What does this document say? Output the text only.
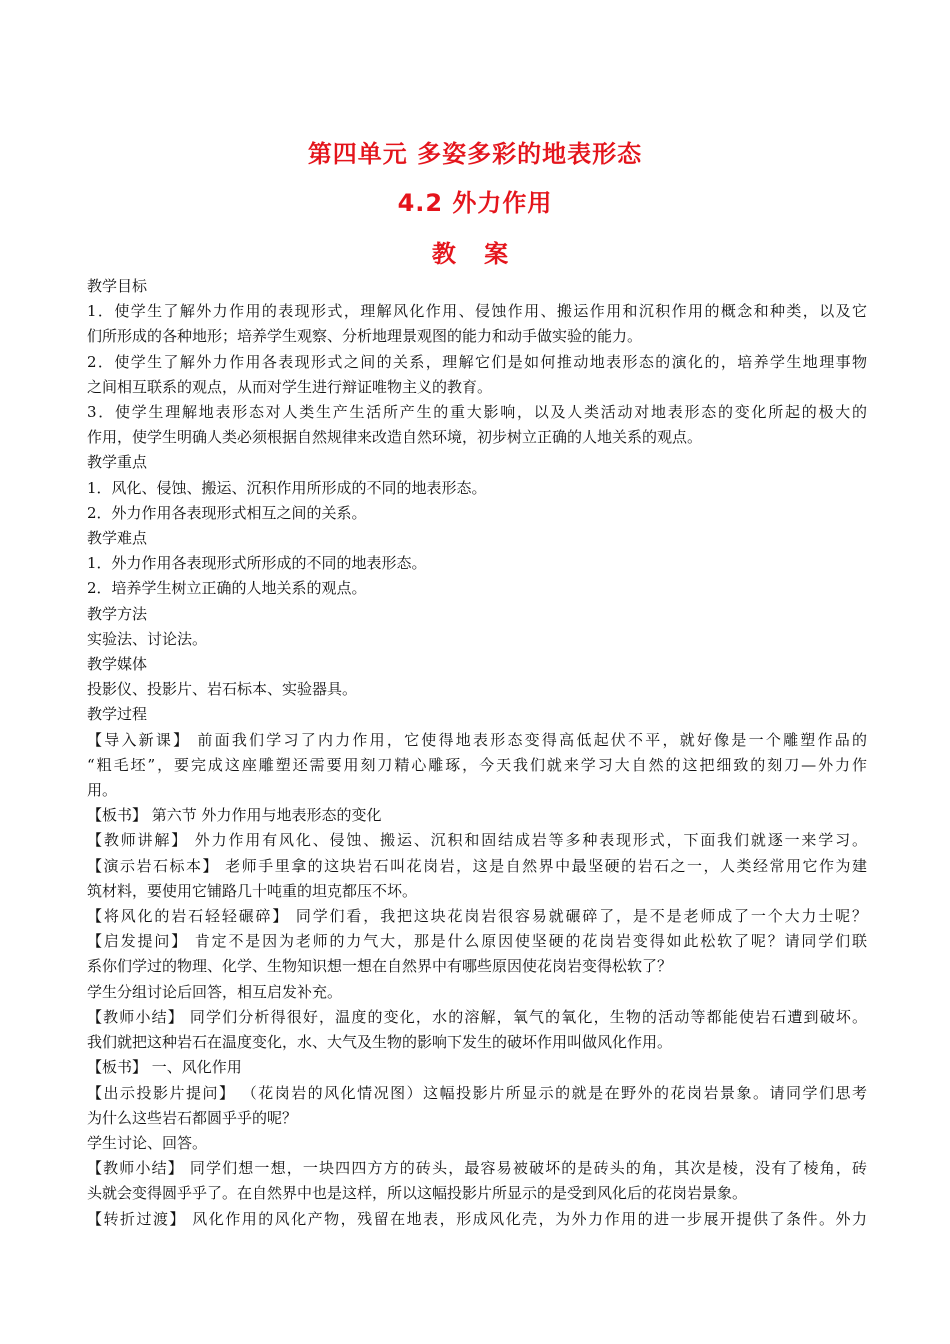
第四单元 多姿多彩的地表形态
4.2 外力作用
教 案
教学目标
1．使学生了解外力作用的表现形式，理解风化作用、侵蚀作用、搬运作用和沉积作用的概念和种类，以及它
们所形成的各种地形；培养学生观察、分析地理景观图的能力和动手做实验的能力。
2．使学生了解外力作用各表现形式之间的关系，理解它们是如何推动地表形态的演化的，培养学生地理事物
之间相互联系的观点，从而对学生进行辩证唯物主义的教育。
3．使学生理解地表形态对人类生产生活所产生的重大影响，以及人类活动对地表形态的变化所起的极大的
作用，使学生明确人类必须根据自然规律来改造自然环境，初步树立正确的人地关系的观点。
教学重点
1．风化、侵蚀、搬运、沉积作用所形成的不同的地表形态。
2．外力作用各表现形式相互之间的关系。
教学难点
1．外力作用各表现形式所形成的不同的地表形态。
2．培养学生树立正确的人地关系的观点。
教学方法
实验法、讨论法。
教学媒体
投影仪、投影片、岩石标本、实验器具。
教学过程
【导入新课】 前面我们学习了内力作用，它使得地表形态变得高低起伏不平，就好像是一个雕塑作品的
“粗毛坯”，要完成这座雕塑还需要用刻刀精心雕琢，今天我们就来学习大自然的这把细致的刻刀—外力作
用。
【板书】 第六节 外力作用与地表形态的变化
【教师讲解】 外力作用有风化、侵蚀、搬运、沉积和固结成岩等多种表现形式，下面我们就逐一来学习。
【演示岩石标本】 老师手里拿的这块岩石叫花岗岩，这是自然界中最坚硬的岩石之一，人类经常用它作为建
筑材料，要使用它铺路几十吨重的坦克都压不坏。
【将风化的岩石轻轻碾碎】 同学们看，我把这块花岗岩很容易就碾碎了，是不是老师成了一个大力士呢？
【启发提问】 肯定不是因为老师的力气大，那是什么原因使坚硬的花岗岩变得如此松软了呢？请同学们联
系你们学过的物理、化学、生物知识想一想在自然界中有哪些原因使花岗岩变得松软了？
学生分组讨论后回答，相互启发补充。
【教师小结】 同学们分析得很好，温度的变化，水的溶解，氧气的氧化，生物的活动等都能使岩石遭到破坏。
我们就把这种岩石在温度变化，水、大气及生物的影响下发生的破坏作用叫做风化作用。
【板书】 一、风化作用
【出示投影片提问】 （花岗岩的风化情况图）这幅投影片所显示的就是在野外的花岗岩景象。请同学们思考
为什么这些岩石都圆乎乎的呢？
学生讨论、回答。
【教师小结】 同学们想一想，一块四四方方的砖头，最容易被破坏的是砖头的角，其次是棱，没有了棱角，砖
头就会变得圆乎乎了。在自然界中也是这样，所以这幅投影片所显示的是受到风化后的花岗岩景象。
【转折过渡】 风化作用的风化产物，残留在地表，形成风化壳，为外力作用的进一步展开提供了条件。外力
